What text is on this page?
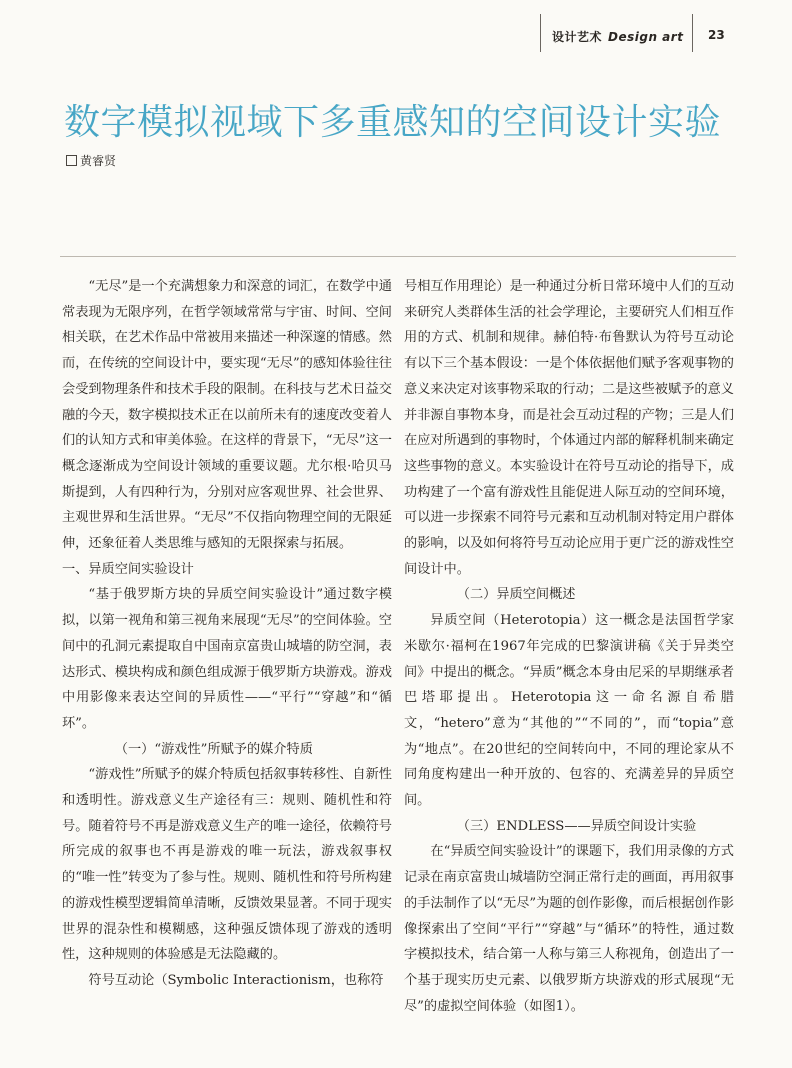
设计艺术 Design art 23
数字模拟视域下多重感知的空间设计实验
黄睿贤

“无尽”是一个充满想象力和深意的词汇，在数学中通常表现为无限序列，在哲学领域常常与宇宙、时间、空间相关联，在艺术作品中常被用来描述一种深邃的情感。然而，在传统的空间设计中，要实现“无尽”的感知体验往往会受到物理条件和技术手段的限制。在科技与艺术日益交融的今天，数字模拟技术正在以前所未有的速度改变着人们的认知方式和审美体验。在这样的背景下，“无尽”这一概念逐渐成为空间设计领域的重要议题。尤尔根·哈贝马斯提到，人有四种行为，分别对应客观世界、社会世界、主观世界和生活世界。“无尽”不仅指向物理空间的无限延伸，还象征着人类思维与感知的无限探索与拓展。

一、异质空间实验设计

“基于俄罗斯方块的异质空间实验设计”通过数字模拟，以第一视角和第三视角来展现“无尽”的空间体验。空间中的孔洞元素提取自中国南京富贵山城墙的防空洞，表达形式、模块构成和颜色组成源于俄罗斯方块游戏。游戏中用影像来表达空间的异质性——“平行”“穿越”和“循环”。

（一）“游戏性”所赋予的媒介特质

“游戏性”所赋予的媒介特质包括叙事转移性、自新性和透明性。游戏意义生产途径有三：规则、随机性和符号。随着符号不再是游戏意义生产的唯一途径，依赖符号所完成的叙事也不再是游戏的唯一玩法，游戏叙事权的“唯一性”转变为了参与性。规则、随机性和符号所构建的游戏性模型逻辑简单清晰，反馈效果显著。不同于现实世界的混杂性和模糊感，这种强反馈体现了游戏的透明性，这种规则的体验感是无法隐藏的。

符号互动论（Symbolic Interactionism，也称符

号相互作用理论）是一种通过分析日常环境中人们的互动来研究人类群体生活的社会学理论，主要研究人们相互作用的方式、机制和规律。赫伯特·布鲁默认为符号互动论有以下三个基本假设：一是个体依据他们赋予客观事物的意义来决定对该事物采取的行动；二是这些被赋予的意义并非源自事物本身，而是社会互动过程的产物；三是人们在应对所遇到的事物时，个体通过内部的解释机制来确定这些事物的意义。本实验设计在符号互动论的指导下，成功构建了一个富有游戏性且能促进人际互动的空间环境，可以进一步探索不同符号元素和互动机制对特定用户群体的影响，以及如何将符号互动论应用于更广泛的游戏性空间设计中。

（二）异质空间概述

异质空间（Heterotopia）这一概念是法国哲学家米歇尔·福柯在1967年完成的巴黎演讲稿《关于异类空间》中提出的概念。“异质”概念本身由尼采的早期继承者巴塔耶提出。Heterotopia这一命名源自希腊文，“hetero”意为“其他的”“不同的”，而“topia”意为“地点”。在20世纪的空间转向中，不同的理论家从不同角度构建出一种开放的、包容的、充满差异的异质空间。

（三）ENDLESS——异质空间设计实验

在“异质空间实验设计”的课题下，我们用录像的方式记录在南京富贵山城墙防空洞正常行走的画面，再用叙事的手法制作了以“无尽”为题的创作影像，而后根据创作影像探索出了空间“平行”“穿越”与“循环”的特性，通过数字模拟技术，结合第一人称与第三人称视角，创造出了一个基于现实历史元素、以俄罗斯方块游戏的形式展现“无尽”的虚拟空间体验（如图1）。
